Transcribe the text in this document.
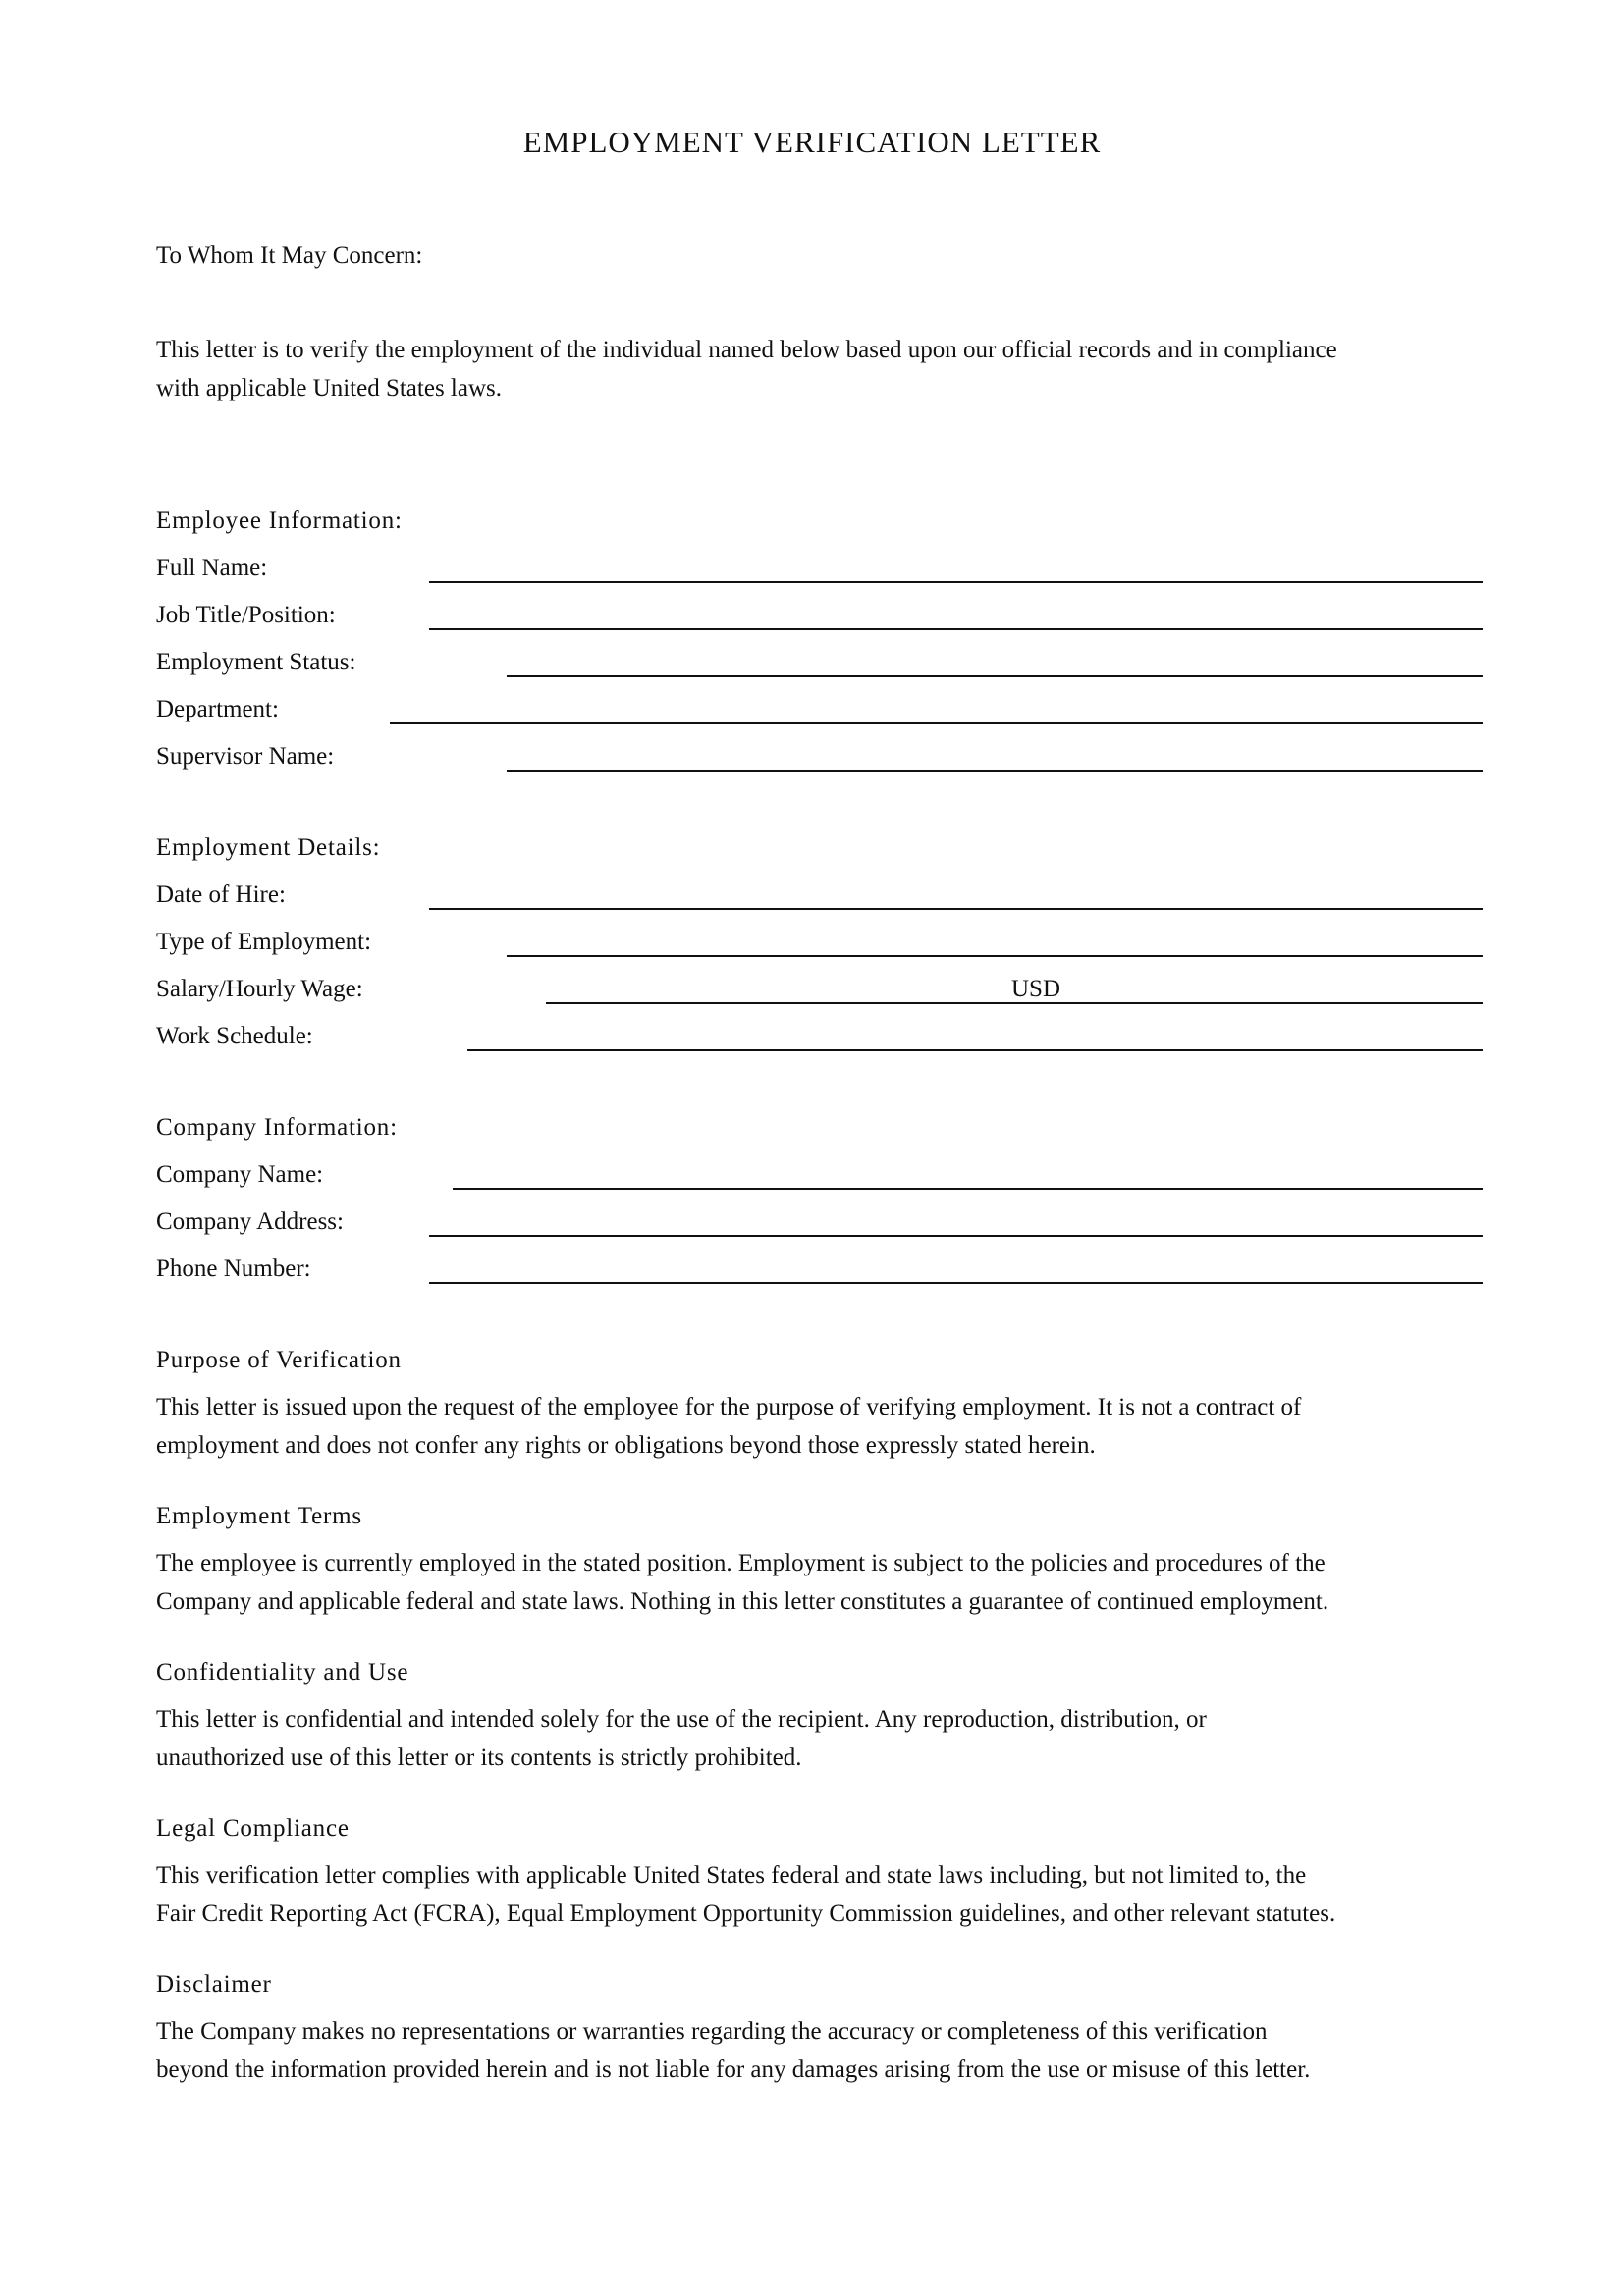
EMPLOYMENT VERIFICATION LETTER
To Whom It May Concern:
This letter is to verify the employment of the individual named below based upon our official records and in compliance
with applicable United States laws.
Employee Information:
Full Name:
Job Title/Position:
Employment Status:
Department:
Supervisor Name:
Employment Details:
Date of Hire:
Type of Employment:
Salary/Hourly Wage:	USD
Work Schedule:
Company Information:
Company Name:
Company Address:
Phone Number:
Purpose of Verification
This letter is issued upon the request of the employee for the purpose of verifying employment. It is not a contract of
employment and does not confer any rights or obligations beyond those expressly stated herein.
Employment Terms
The employee is currently employed in the stated position. Employment is subject to the policies and procedures of the
Company and applicable federal and state laws. Nothing in this letter constitutes a guarantee of continued employment.
Confidentiality and Use
This letter is confidential and intended solely for the use of the recipient. Any reproduction, distribution, or
unauthorized use of this letter or its contents is strictly prohibited.
Legal Compliance
This verification letter complies with applicable United States federal and state laws including, but not limited to, the
Fair Credit Reporting Act (FCRA), Equal Employment Opportunity Commission guidelines, and other relevant statutes.
Disclaimer
The Company makes no representations or warranties regarding the accuracy or completeness of this verification
beyond the information provided herein and is not liable for any damages arising from the use or misuse of this letter.
